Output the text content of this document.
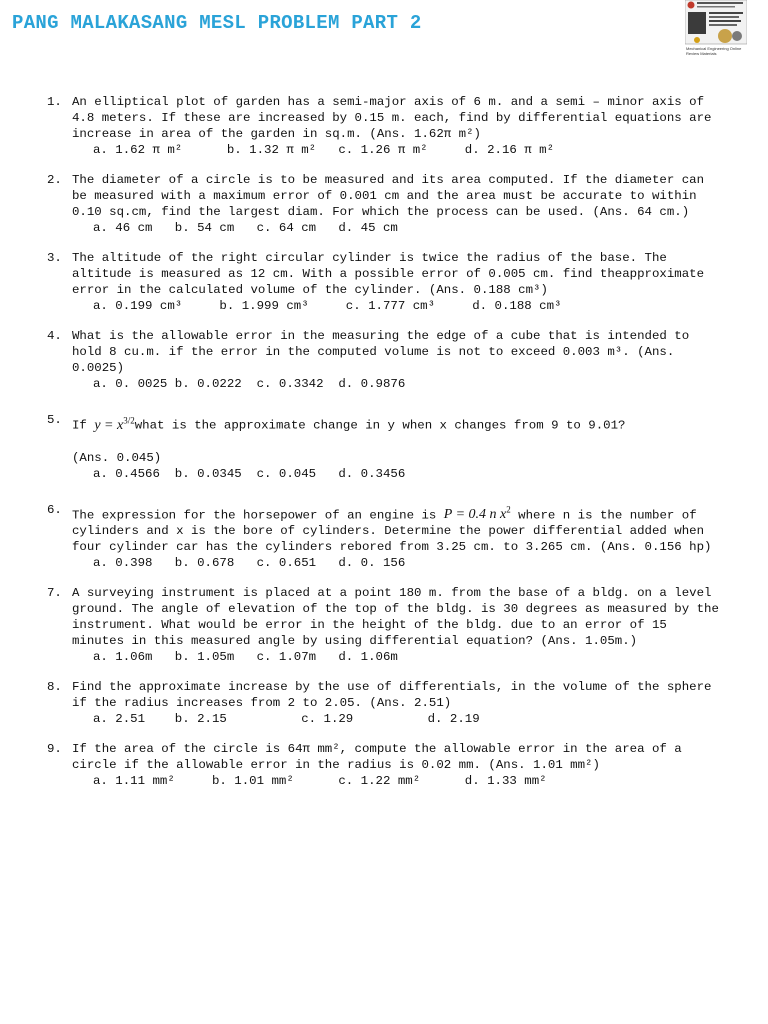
PANG MALAKASANG MESL PROBLEM PART 2
Mechanical Engineering Online Review Materials
1. An elliptical plot of garden has a semi-major axis of 6 m. and a semi – minor axis of 4.8 meters. If these are increased by 0.15 m. each, find by differential equations are increase in area of the garden in sq.m. (Ans. 1.62π m²)
a. 1.62 π m²      b. 1.32 π m²   c. 1.26 π m²     d. 2.16 π m²
2. The diameter of a circle is to be measured and its area computed. If the diameter can be measured with a maximum error of 0.001 cm and the area must be accurate to within 0.10 sq.cm, find the largest diam. For which the process can be used. (Ans. 64 cm.)
a. 46 cm   b. 54 cm   c. 64 cm   d. 45 cm
3. The altitude of the right circular cylinder is twice the radius of the base. The altitude is measured as 12 cm. With a possible error of 0.005 cm. find theapproximate error in the calculated volume of the cylinder. (Ans. 0.188 cm³)
a. 0.199 cm³     b. 1.999 cm³     c. 1.777 cm³     d. 0.188 cm³
4. What is the allowable error in the measuring the edge of a cube that is intended to hold 8 cu.m. if the error in the computed volume is not to exceed 0.003 m³. (Ans. 0.0025)
a. 0. 0025 b. 0.0222  c. 0.3342  d. 0.9876
5. If $y = x^{3/2}what$ is the approximate change in y when x changes from 9 to 9.01?
(Ans. 0.045)
a. 0.4566  b. 0.0345  c. 0.045   d. 0.3456
6. The expression for the horsepower of an engine is P = 0.4 n $x^2$ where n is the number of cylinders and x is the bore of cylinders. Determine the power differential added when four cylinder car has the cylinders rebored from 3.25 cm. to 3.265 cm. (Ans. 0.156 hp)
a. 0.398   b. 0.678   c. 0.651   d. 0. 156
7. A surveying instrument is placed at a point 180 m. from the base of a bldg. on a level ground. The angle of elevation of the top of the bldg. is 30 degrees as measured by the instrument. What would be error in the height of the bldg. due to an error of 15 minutes in this measured angle by using differential equation? (Ans. 1.05m.)
a. 1.06m   b. 1.05m   c. 1.07m   d. 1.06m
8. Find the approximate increase by the use of differentials, in the volume of the sphere if the radius increases from 2 to 2.05. (Ans. 2.51)
a. 2.51    b. 2.15          c. 1.29          d. 2.19
9. If the area of the circle is 64π mm², compute the allowable error in the area of a circle if the allowable error in the radius is 0.02 mm. (Ans. 1.01 mm²)
a. 1.11 mm²     b. 1.01 mm²      c. 1.22 mm²      d. 1.33 mm²
